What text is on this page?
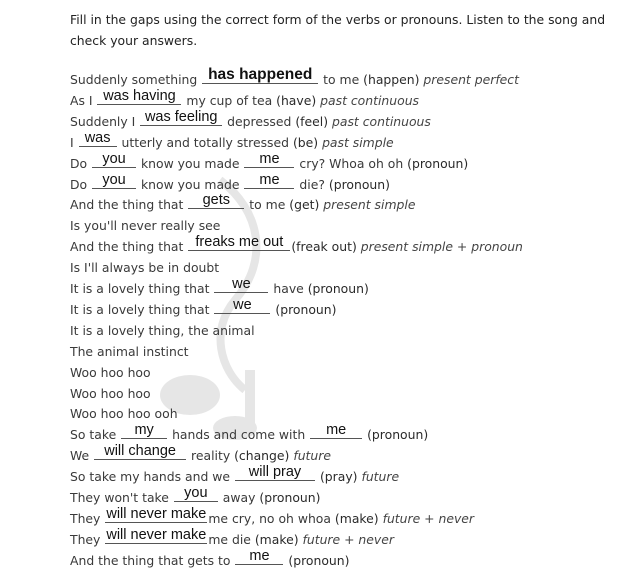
Fill in the gaps using the correct form of the verbs or pronouns. Listen to the song and check your answers.
Suddenly something has happened to me (happen) present perfect
As I was having my cup of tea (have) past continuous
Suddenly I was feeling depressed (feel) past continuous
I was utterly and totally stressed (be) past simple
Do you know you made	me	cry? Whoa oh oh (pronoun)
Do you know you made	me	die? (pronoun)
And the thing that	gets	to me (get) present simple
Is you'll never really see
And the thing that freaks me out (freak out) present simple + pronoun
Is I'll always be in doubt
It is a lovely thing that	we	have (pronoun)
It is a lovely thing that	we	(pronoun)
It is a lovely thing, the animal
The animal instinct
Woo hoo hoo
Woo hoo hoo
Woo hoo hoo ooh
So take my	hands and come with	me	(pronoun)
We will change reality (change) future
So take my hands and we	will pray	(pray) future
They won't take you away (pronoun)
They will never make me cry, no oh whoa (make) future + never
They will never make me die (make) future + never
And the thing that gets to	me	(pronoun)
